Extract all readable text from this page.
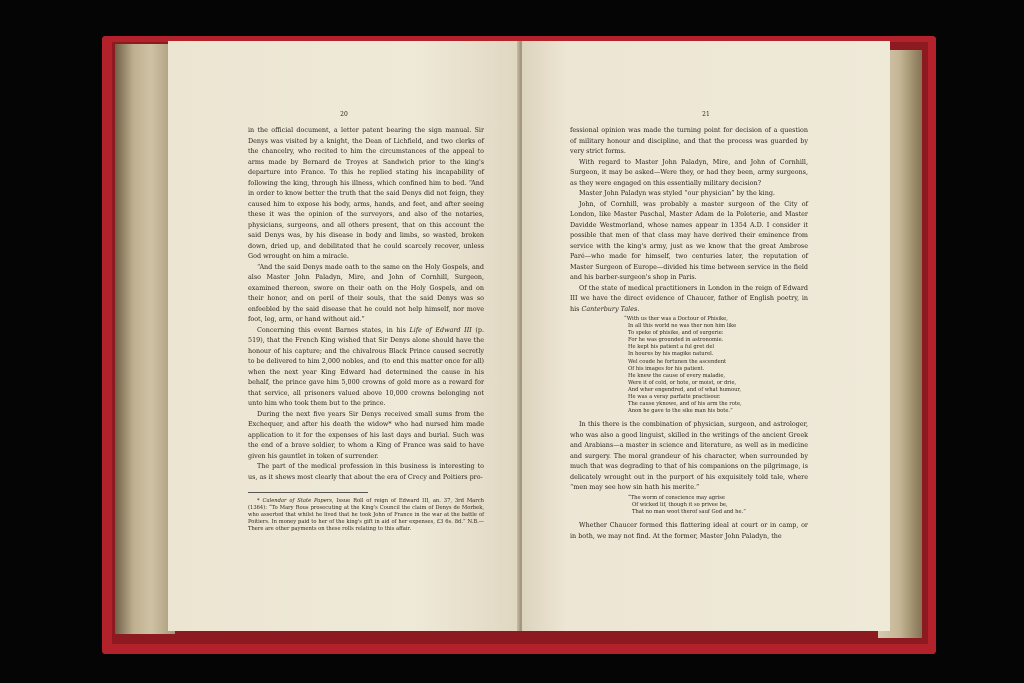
20

in the official document, a letter patent bearing the sign manual. Sir Denys was visited by a knight, the Dean of Lichfield, and two clerks of the chancelry, who recited to him the circumstances of the appeal to arms made by Bernard de Troyes at Sandwich prior to the king's departure into France. To this he replied stating his incapability of following the king, through his illness, which confined him to bed. “And in order to know better the truth that the said Denys did not feign, they caused him to expose his body, arms, hands, and feet, and after seeing these it was the opinion of the surveyors, and also of the notaries, physicians, surgeons, and all others present, that on this account the said Denys was, by his disease in body and limbs, so wasted, broken down, dried up, and debilitated that he could scarcely recover, unless God wrought on him a miracle.

“And the said Denys made oath to the same on the Holy Gospels, and also Master John Paladyn, Mire, and John of Cornhill, Surgeon, examined thereon, swore on their oath on the Holy Gospels, and on their honor, and on peril of their souls, that the said Denys was so enfeebled by the said disease that he could not help himself, nor move foot, leg, arm, or hand without aid.”

Concerning this event Barnes states, in his Life of Edward III (p. 519), that the French King wished that Sir Denys alone should have the honour of his capture; and the chivalrous Black Prince caused secretly to be delivered to him 2,000 nobles, and (to end this matter once for all) when the next year King Edward had determined the cause in his behalf, the prince gave him 5,000 crowns of gold more as a reward for that service, all prisoners valued above 10,000 crowns belonging not unto him who took them but to the prince.

During the next five years Sir Denys received small sums from the Exchequer, and after his death the widow* who had nursed him made application to it for the expenses of his last days and burial. Such was the end of a brave soldier, to whom a King of France was said to have given his gauntlet in token of surrender.

The part of the medical profession in this business is interesting to us, as it shews most clearly that about the era of Crecy and Poitiers pro-

* Calendar of State Papers, Issue Roll of reign of Edward III, an. 37, 3rd March (1364): “To Mary Rous prosecuting at the King's Council the claim of Denys de Morbek, who asserted that whilst he lived that he took John of France in the war at the battle of Poitiers. In money paid to her of the king's gift in aid of her expenses, £3 6s. 8d.” N.B.—There are other payments on these rolls relating to this affair.

21

fessional opinion was made the turning point for decision of a question of military honour and discipline, and that the process was guarded by very strict forms.

With regard to Master John Paladyn, Mire, and John of Cornhill, Surgeon, it may be asked—Were they, or had they been, army surgeons, as they were engaged on this essentially military decision?

Master John Paladyn was styled “our physician” by the king.

John, of Cornhill, was probably a master surgeon of the City of London, like Master Paschal, Master Adam de la Poleterie, and Master Davidde Westmorland, whose names appear in 1354 A.D. I consider it possible that men of that class may have derived their eminence from service with the king's army, just as we know that the great Ambrose Paré—who made for himself, two centuries later, the reputation of Master Surgeon of Europe—divided his time between service in the field and his barber-surgeon's shop in Paris.

Of the state of medical practitioners in London in the reign of Edward III we have the direct evidence of Chaucer, father of English poetry, in his Canterbury Tales.

“With us ther was a Doctour of Phisike,
In all this world ne was ther non him like
To speke of phisike, and of surgerie:
For he was grounded in astronomie.
He kept his patient a ful gret del
In houres by his magike naturel.
Wel coude he fortunen the ascendent
Of his images for his patient.
He knew the cause of every maladie,
Were it of cold, or hote, or moist, or drie,
And wher engendred, and of what humour,
He was a veray parfaite practisour.
The cause yknowe, and of his arm the rote,
Anon he gave to the sike man his bote.”

In this there is the combination of physician, surgeon, and astrologer, who was also a good linguist, skilled in the writings of the ancient Greek and Arabians—a master in science and literature, as well as in medicine and surgery. The moral grandeur of his character, when surrounded by much that was degrading to that of his companions on the pilgrimage, is delicately wrought out in the purport of his exquisitely told tale, where “men may see how sin hath his merite.”

“The worm of conscience may agrise
Of wicked lif, though it so privee be,
That no man woot therof sauf God and he.”

Whether Chaucer formed this flattering ideal at court or in camp, or in both, we may not find. At the former, Master John Paladyn, the
